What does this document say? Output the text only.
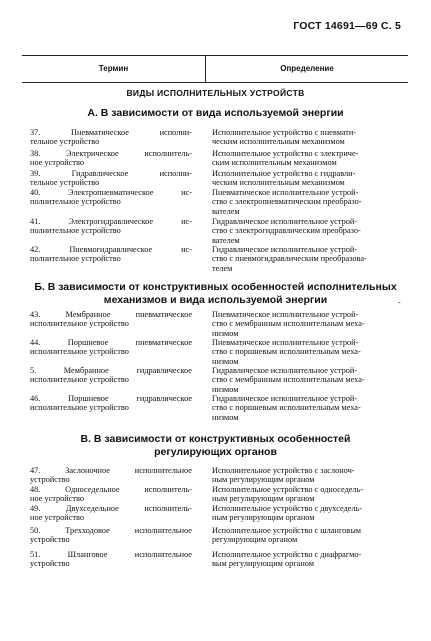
ГОСТ 14691—69 С. 5
Термин	Определение
ВИДЫ ИСПОЛНИТЕЛЬНЫХ УСТРОЙСТВ
А. В зависимости от вида используемой энергии
37. Пневматическое исполни-
тельное устройство
Исполнительное устройство с пневмати-
ческим исполнительным механизмом
38. Электрическое исполнитель-
ное устройство
Исполнительное устройство с электриче-
ским исполнительным механизмом
39. Гидравлическое исполни-
тельное устройство
Исполнительное устройство с гидравли-
ческим исполнительным механизмом
40. Электропневматическое ис-
полнительное устройство
Пневматическое исполнительное устрой-
ство с электропневматическим преобразо-
вателем
41. Электрогидравлическое ис-
полнительное устройство
Гидравлическое исполнительное устрой-
ство с электрогидравлическим преобразо-
вателем
42. Пневмогидравлическое ис-
полнительное устройство
Гидравлическое исполнительное устрой-
ство с пневмогидравлическим преобразова-
телем
Б. В зависимости от конструктивных особенностей исполнительных
механизмов и вида используемой энергии	-
43. Мембранное пневматическое
исполнительное устройство
Пневматическое исполнительное устрой-
ство с мембранным исполнительным меха-
низмом
44. Поршневое пневматическое
исполнительное устройство
Пневматическое исполнительное устрой-
ство с поршневым исполнительным меха-
низмом
5. Мембранное гидравлическое
исполнительное устройство
Гидравлическое исполнительное устрой-
ство с мембранным исполнительным меха-
низмом
46. Поршневое гидравлическое
исполнительное устройство
Гидравлическое исполнительное устрой-
ство с поршневым исполнительным меха-
низмом
В. В зависимости от конструктивных особенностей
регулирующих органов
47. Заслоночное исполнительное
устройство
Исполнительное устройство с заслоноч-
ным регулирующим органом
48. Односедельное исполнитель-
ное устройство
Исполнительное устройство с односедель-
ным регулирующим органом
49. Двухседельное исполнитель-
ное устройство
Исполнительное устройство с двухседель-
ным регулирующим органом
50. Трехходовое исполнительное
устройство
Исполнительное устройство с шланговым
регулирующим органом
51. Шланговое исполнительное
устройство
Исполнительное устройство с диафрагмо-
вым регулирующим органом
